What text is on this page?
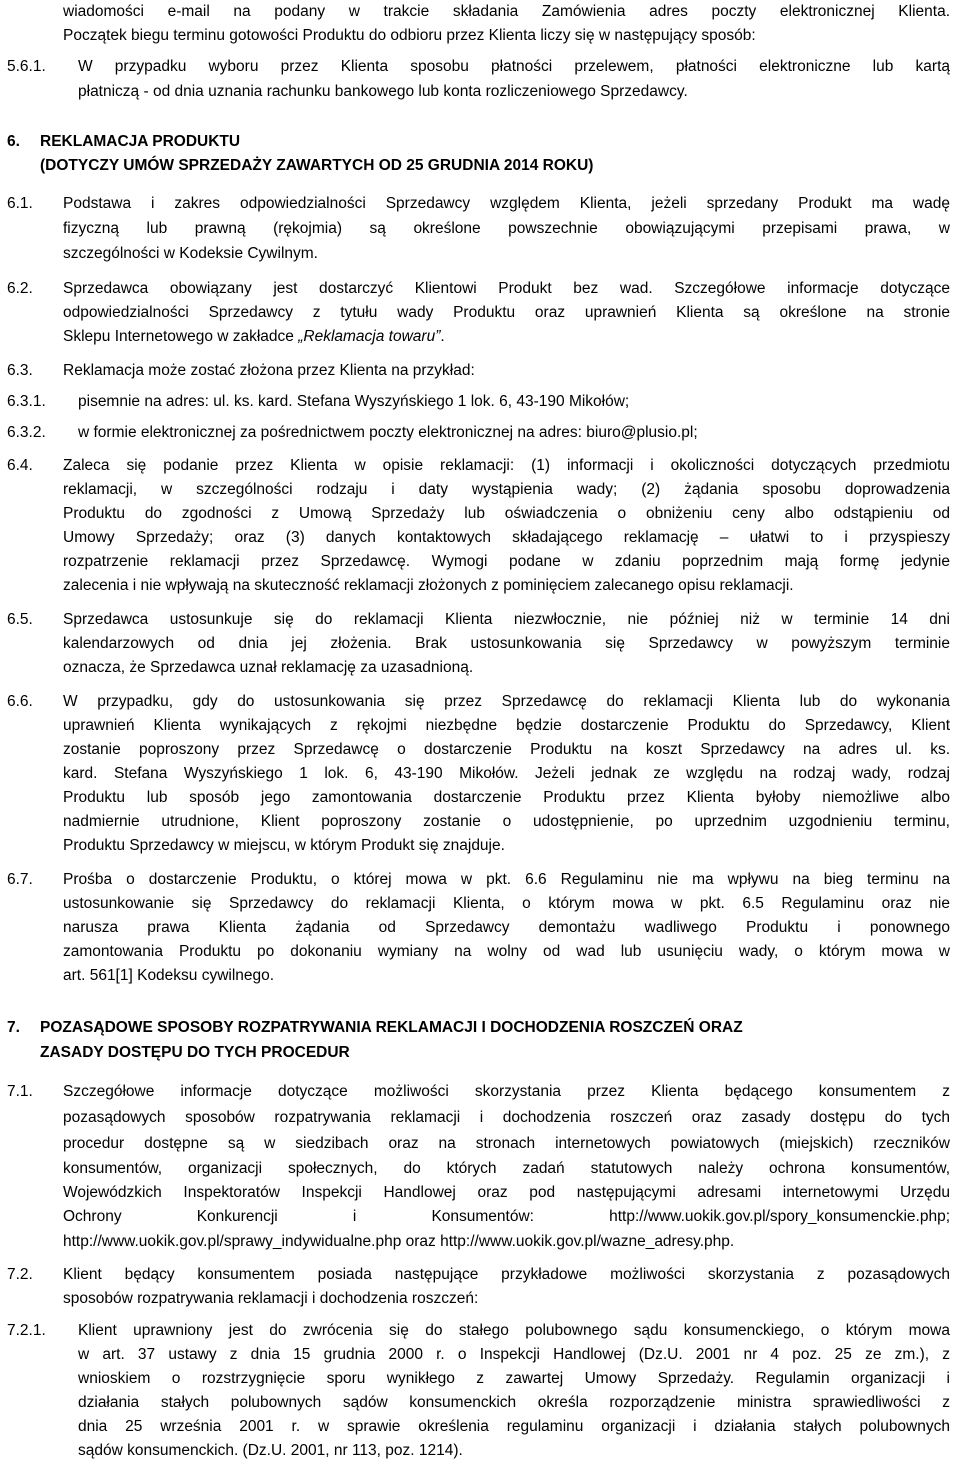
wiadomości e-mail na podany w trakcie składania Zamówienia adres poczty elektronicznej Klienta.
Początek biegu terminu gotowości Produktu do odbioru przez Klienta liczy się w następujący sposób:
5.6.1. W przypadku wyboru przez Klienta sposobu płatności przelewem, płatności elektroniczne lub kartą
płatniczą - od dnia uznania rachunku bankowego lub konta rozliczeniowego Sprzedawcy.
6. REKLAMACJA PRODUKTU
(DOTYCZY UMÓW SPRZEDAŻY ZAWARTYCH OD 25 GRUDNIA 2014 ROKU)
6.1. Podstawa i zakres odpowiedzialności Sprzedawcy względem Klienta, jeżeli sprzedany Produkt ma wadę
fizyczną lub prawną (rękojmia) są określone powszechnie obowiązującymi przepisami prawa, w
szczególności w Kodeksie Cywilnym.
6.2. Sprzedawca obowiązany jest dostarczyć Klientowi Produkt bez wad. Szczegółowe informacje dotyczące
odpowiedzialności Sprzedawcy z tytułu wady Produktu oraz uprawnień Klienta są określone na stronie
Sklepu Internetowego w zakładce „Reklamacja towaru”.
6.3. Reklamacja może zostać złożona przez Klienta na przykład:
6.3.1. pisemnie na adres: ul. ks. kard. Stefana Wyszyńskiego 1 lok. 6, 43-190 Mikołów;
6.3.2. w formie elektronicznej za pośrednictwem poczty elektronicznej na adres: biuro@plusio.pl;
6.4. Zaleca się podanie przez Klienta w opisie reklamacji: (1) informacji i okoliczności dotyczących przedmiotu
reklamacji, w szczególności rodzaju i daty wystąpienia wady; (2) żądania sposobu doprowadzenia
Produktu do zgodności z Umową Sprzedaży lub oświadczenia o obniżeniu ceny albo odstąpieniu od
Umowy Sprzedaży; oraz (3) danych kontaktowych składającego reklamację – ułatwi to i przyspieszy
rozpatrzenie reklamacji przez Sprzedawcę. Wymogi podane w zdaniu poprzednim mają formę jedynie
zalecenia i nie wpływają na skuteczność reklamacji złożonych z pominięciem zalecanego opisu reklamacji.
6.5. Sprzedawca ustosunkuje się do reklamacji Klienta niezwłocznie, nie później niż w terminie 14 dni
kalendarzowych od dnia jej złożenia. Brak ustosunkowania się Sprzedawcy w powyższym terminie
oznacza, że Sprzedawca uznał reklamację za uzasadnioną.
6.6. W przypadku, gdy do ustosunkowania się przez Sprzedawcę do reklamacji Klienta lub do wykonania
uprawnień Klienta wynikających z rękojmi niezbędne będzie dostarczenie Produktu do Sprzedawcy, Klient
zostanie poproszony przez Sprzedawcę o dostarczenie Produktu na koszt Sprzedawcy na adres ul. ks.
kard. Stefana Wyszyńskiego 1 lok. 6, 43-190 Mikołów. Jeżeli jednak ze względu na rodzaj wady, rodzaj
Produktu lub sposób jego zamontowania dostarczenie Produktu przez Klienta byłoby niemożliwe albo
nadmiernie utrudnione, Klient poproszony zostanie o udostępnienie, po uprzednim uzgodnieniu terminu,
Produktu Sprzedawcy w miejscu, w którym Produkt się znajduje.
6.7. Prośba o dostarczenie Produktu, o której mowa w pkt. 6.6 Regulaminu nie ma wpływu na bieg terminu na
ustosunkowanie się Sprzedawcy do reklamacji Klienta, o którym mowa w pkt. 6.5 Regulaminu oraz nie
narusza prawa Klienta żądania od Sprzedawcy demontażu wadliwego Produktu i ponownego
zamontowania Produktu po dokonaniu wymiany na wolny od wad lub usunięciu wady, o którym mowa w
art. 561[1] Kodeksu cywilnego.
7. POZASĄDOWE SPOSOBY ROZPATRYWANIA REKLAMACJI I DOCHODZENIA ROSZCZEŃ ORAZ
ZASADY DOSTĘPU DO TYCH PROCEDUR
7.1. Szczegółowe informacje dotyczące możliwości skorzystania przez Klienta będącego konsumentem z
pozasądowych sposobów rozpatrywania reklamacji i dochodzenia roszczeń oraz zasady dostępu do tych
procedur dostępne są w siedzibach oraz na stronach internetowych powiatowych (miejskich) rzeczników
konsumentów, organizacji społecznych, do których zadań statutowych należy ochrona konsumentów,
Wojewódzkich Inspektoratów Inspekcji Handlowej oraz pod następującymi adresami internetowymi Urzędu
Ochrony Konkurencji i Konsumentów: http://www.uokik.gov.pl/spory_konsumenckie.php;
http://www.uokik.gov.pl/sprawy_indywidualne.php oraz http://www.uokik.gov.pl/wazne_adresy.php.
7.2. Klient będący konsumentem posiada następujące przykładowe możliwości skorzystania z pozasądowych
sposobów rozpatrywania reklamacji i dochodzenia roszczeń:
7.2.1. Klient uprawniony jest do zwrócenia się do stałego polubownego sądu konsumenckiego, o którym mowa
w art. 37 ustawy z dnia 15 grudnia 2000 r. o Inspekcji Handlowej (Dz.U. 2001 nr 4 poz. 25 ze zm.), z
wnioskiem o rozstrzygnięcie sporu wynikłego z zawartej Umowy Sprzedaży. Regulamin organizacji i
działania stałych polubownych sądów konsumenckich określa rozporządzenie ministra sprawiedliwości z
dnia 25 września 2001 r. w sprawie określenia regulaminu organizacji i działania stałych polubownych
sądów konsumenckich. (Dz.U. 2001, nr 113, poz. 1214).
